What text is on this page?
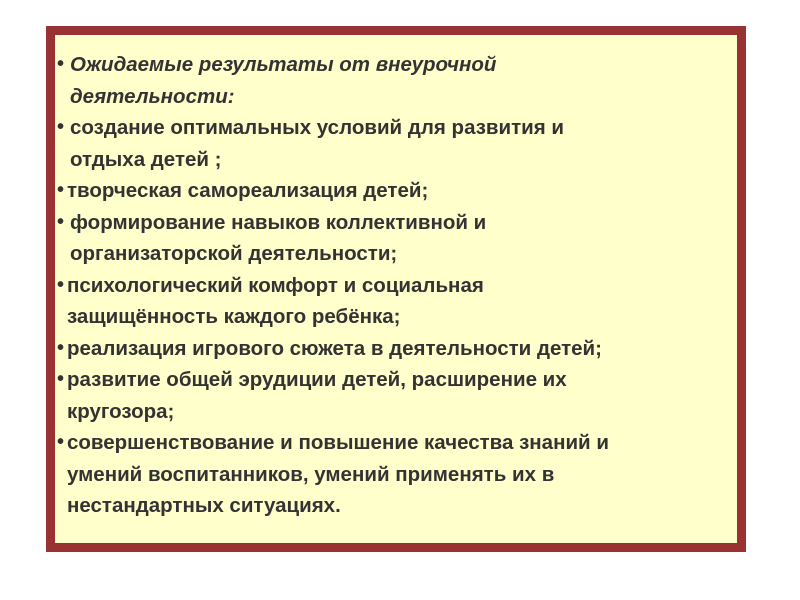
• Ожидаемые результаты от внеурочной
деятельности:
• создание оптимальных условий для развития и
отдыха детей ;
• творческая самореализация детей;
• формирование навыков коллективной и
организаторской деятельности;
• психологический комфорт и социальная
защищённость каждого ребёнка;
• реализация игрового сюжета в деятельности детей;
• развитие общей эрудиции детей, расширение их
кругозора;
• совершенствование и повышение качества знаний и
умений воспитанников, умений применять их в
нестандартных ситуациях.
